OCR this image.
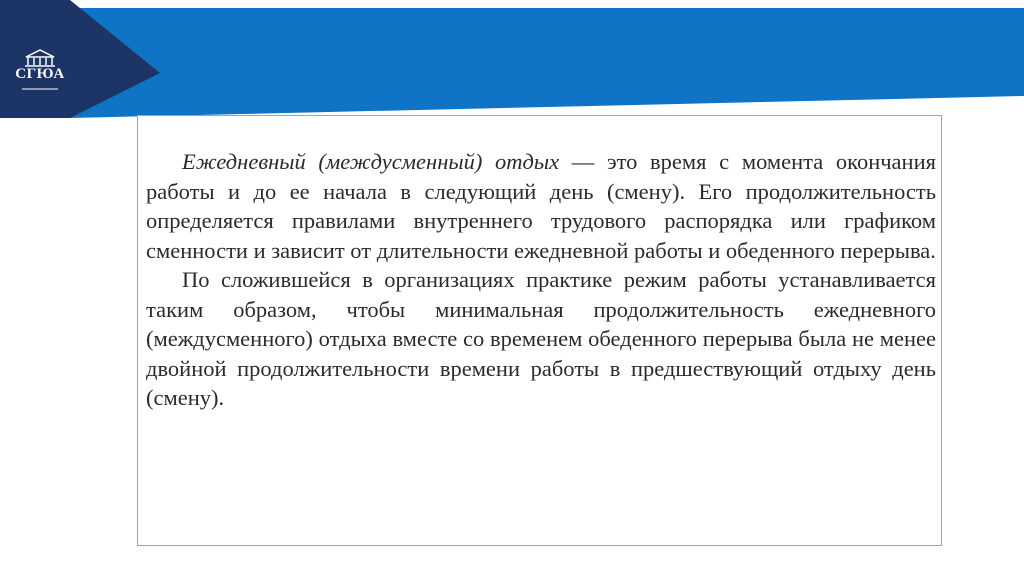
СГЮА

Ежедневный (междусменный) отдых — это время с момента окончания работы и до ее начала в следующий день (смену). Его продолжительность определяется правилами внутреннего трудового распорядка или графиком сменности и зависит от длительности ежедневной работы и обеденного перерыва.

По сложившейся в организациях практике режим работы устанавливается таким образом, чтобы минимальная продолжительность ежедневного (междусменного) отдыха вместе со временем обеденного перерыва была не менее двойной продолжительности времени работы в предшествующий отдыху день (смену).
